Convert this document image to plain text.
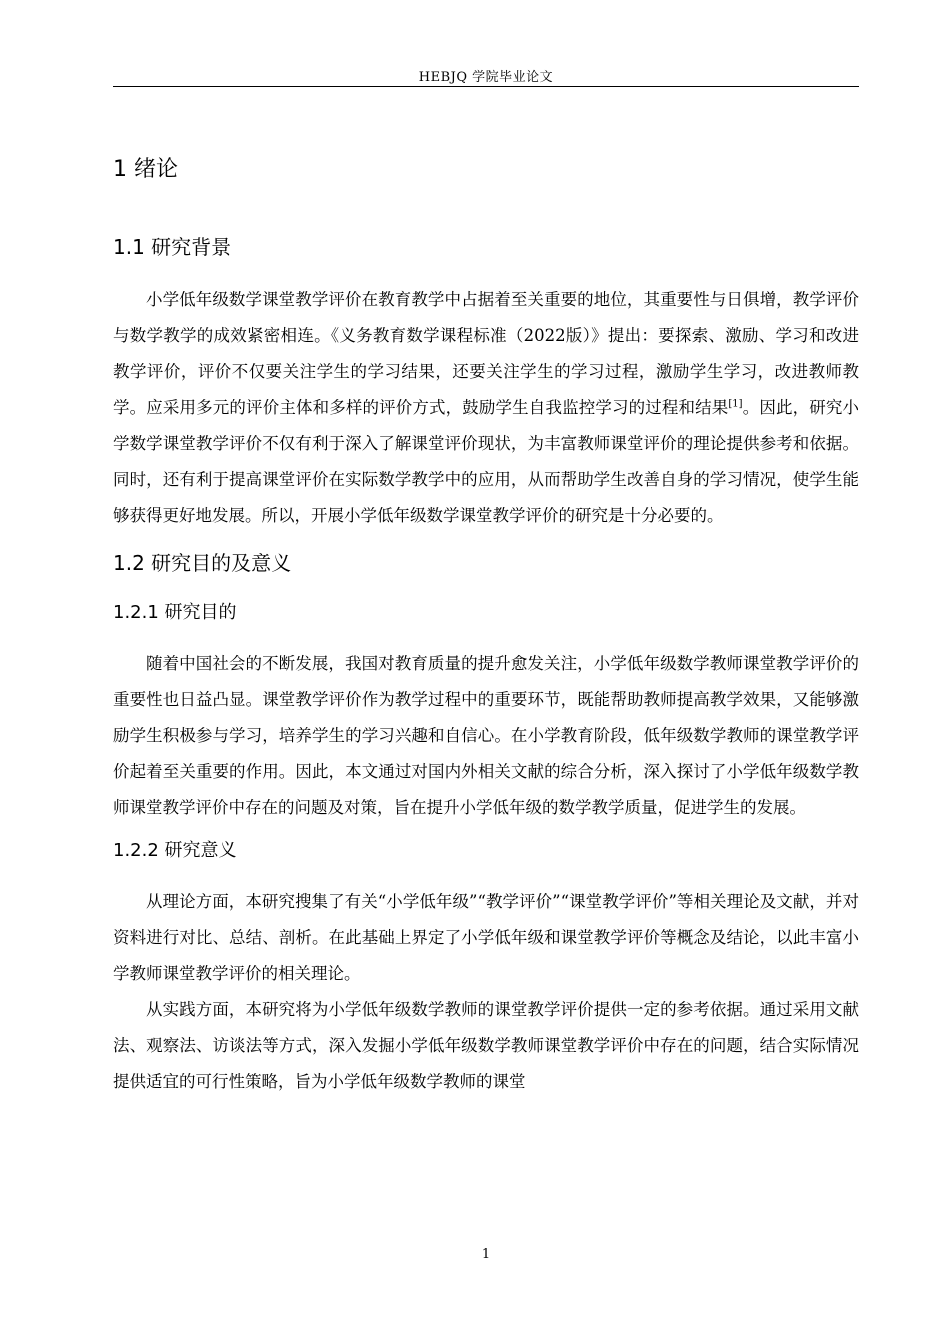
HEBJQ 学院毕业论文
1 绪论
1.1 研究背景

小学低年级数学课堂教学评价在教育教学中占据着至关重要的地位，其重要性与日俱增，教学评价与数学教学的成效紧密相连。《义务教育数学课程标准（2022版）》提出：要探索、激励、学习和改进教学评价，评价不仅要关注学生的学习结果，还要关注学生的学习过程，激励学生学习，改进教师教学。应采用多元的评价主体和多样的评价方式，鼓励学生自我监控学习的过程和结果[1]。因此，研究小学数学课堂教学评价不仅有利于深入了解课堂评价现状，为丰富教师课堂评价的理论提供参考和依据。同时，还有利于提高课堂评价在实际数学教学中的应用，从而帮助学生改善自身的学习情况，使学生能够获得更好地发展。所以，开展小学低年级数学课堂教学评价的研究是十分必要的。

1.2 研究目的及意义
1.2.1 研究目的

随着中国社会的不断发展，我国对教育质量的提升愈发关注，小学低年级数学教师课堂教学评价的重要性也日益凸显。课堂教学评价作为教学过程中的重要环节，既能帮助教师提高教学效果，又能够激励学生积极参与学习，培养学生的学习兴趣和自信心。在小学教育阶段，低年级数学教师的课堂教学评价起着至关重要的作用。因此，本文通过对国内外相关文献的综合分析，深入探讨了小学低年级数学教师课堂教学评价中存在的问题及对策，旨在提升小学低年级的数学教学质量，促进学生的发展。

1.2.2 研究意义

从理论方面，本研究搜集了有关“小学低年级”“教学评价”“课堂教学评价”等相关理论及文献，并对资料进行对比、总结、剖析。在此基础上界定了小学低年级和课堂教学评价等概念及结论，以此丰富小学教师课堂教学评价的相关理论。

从实践方面，本研究将为小学低年级数学教师的课堂教学评价提供一定的参考依据。通过采用文献法、观察法、访谈法等方式，深入发掘小学低年级数学教师课堂教学评价中存在的问题，结合实际情况提供适宜的可行性策略，旨为小学低年级数学教师的课堂

1
